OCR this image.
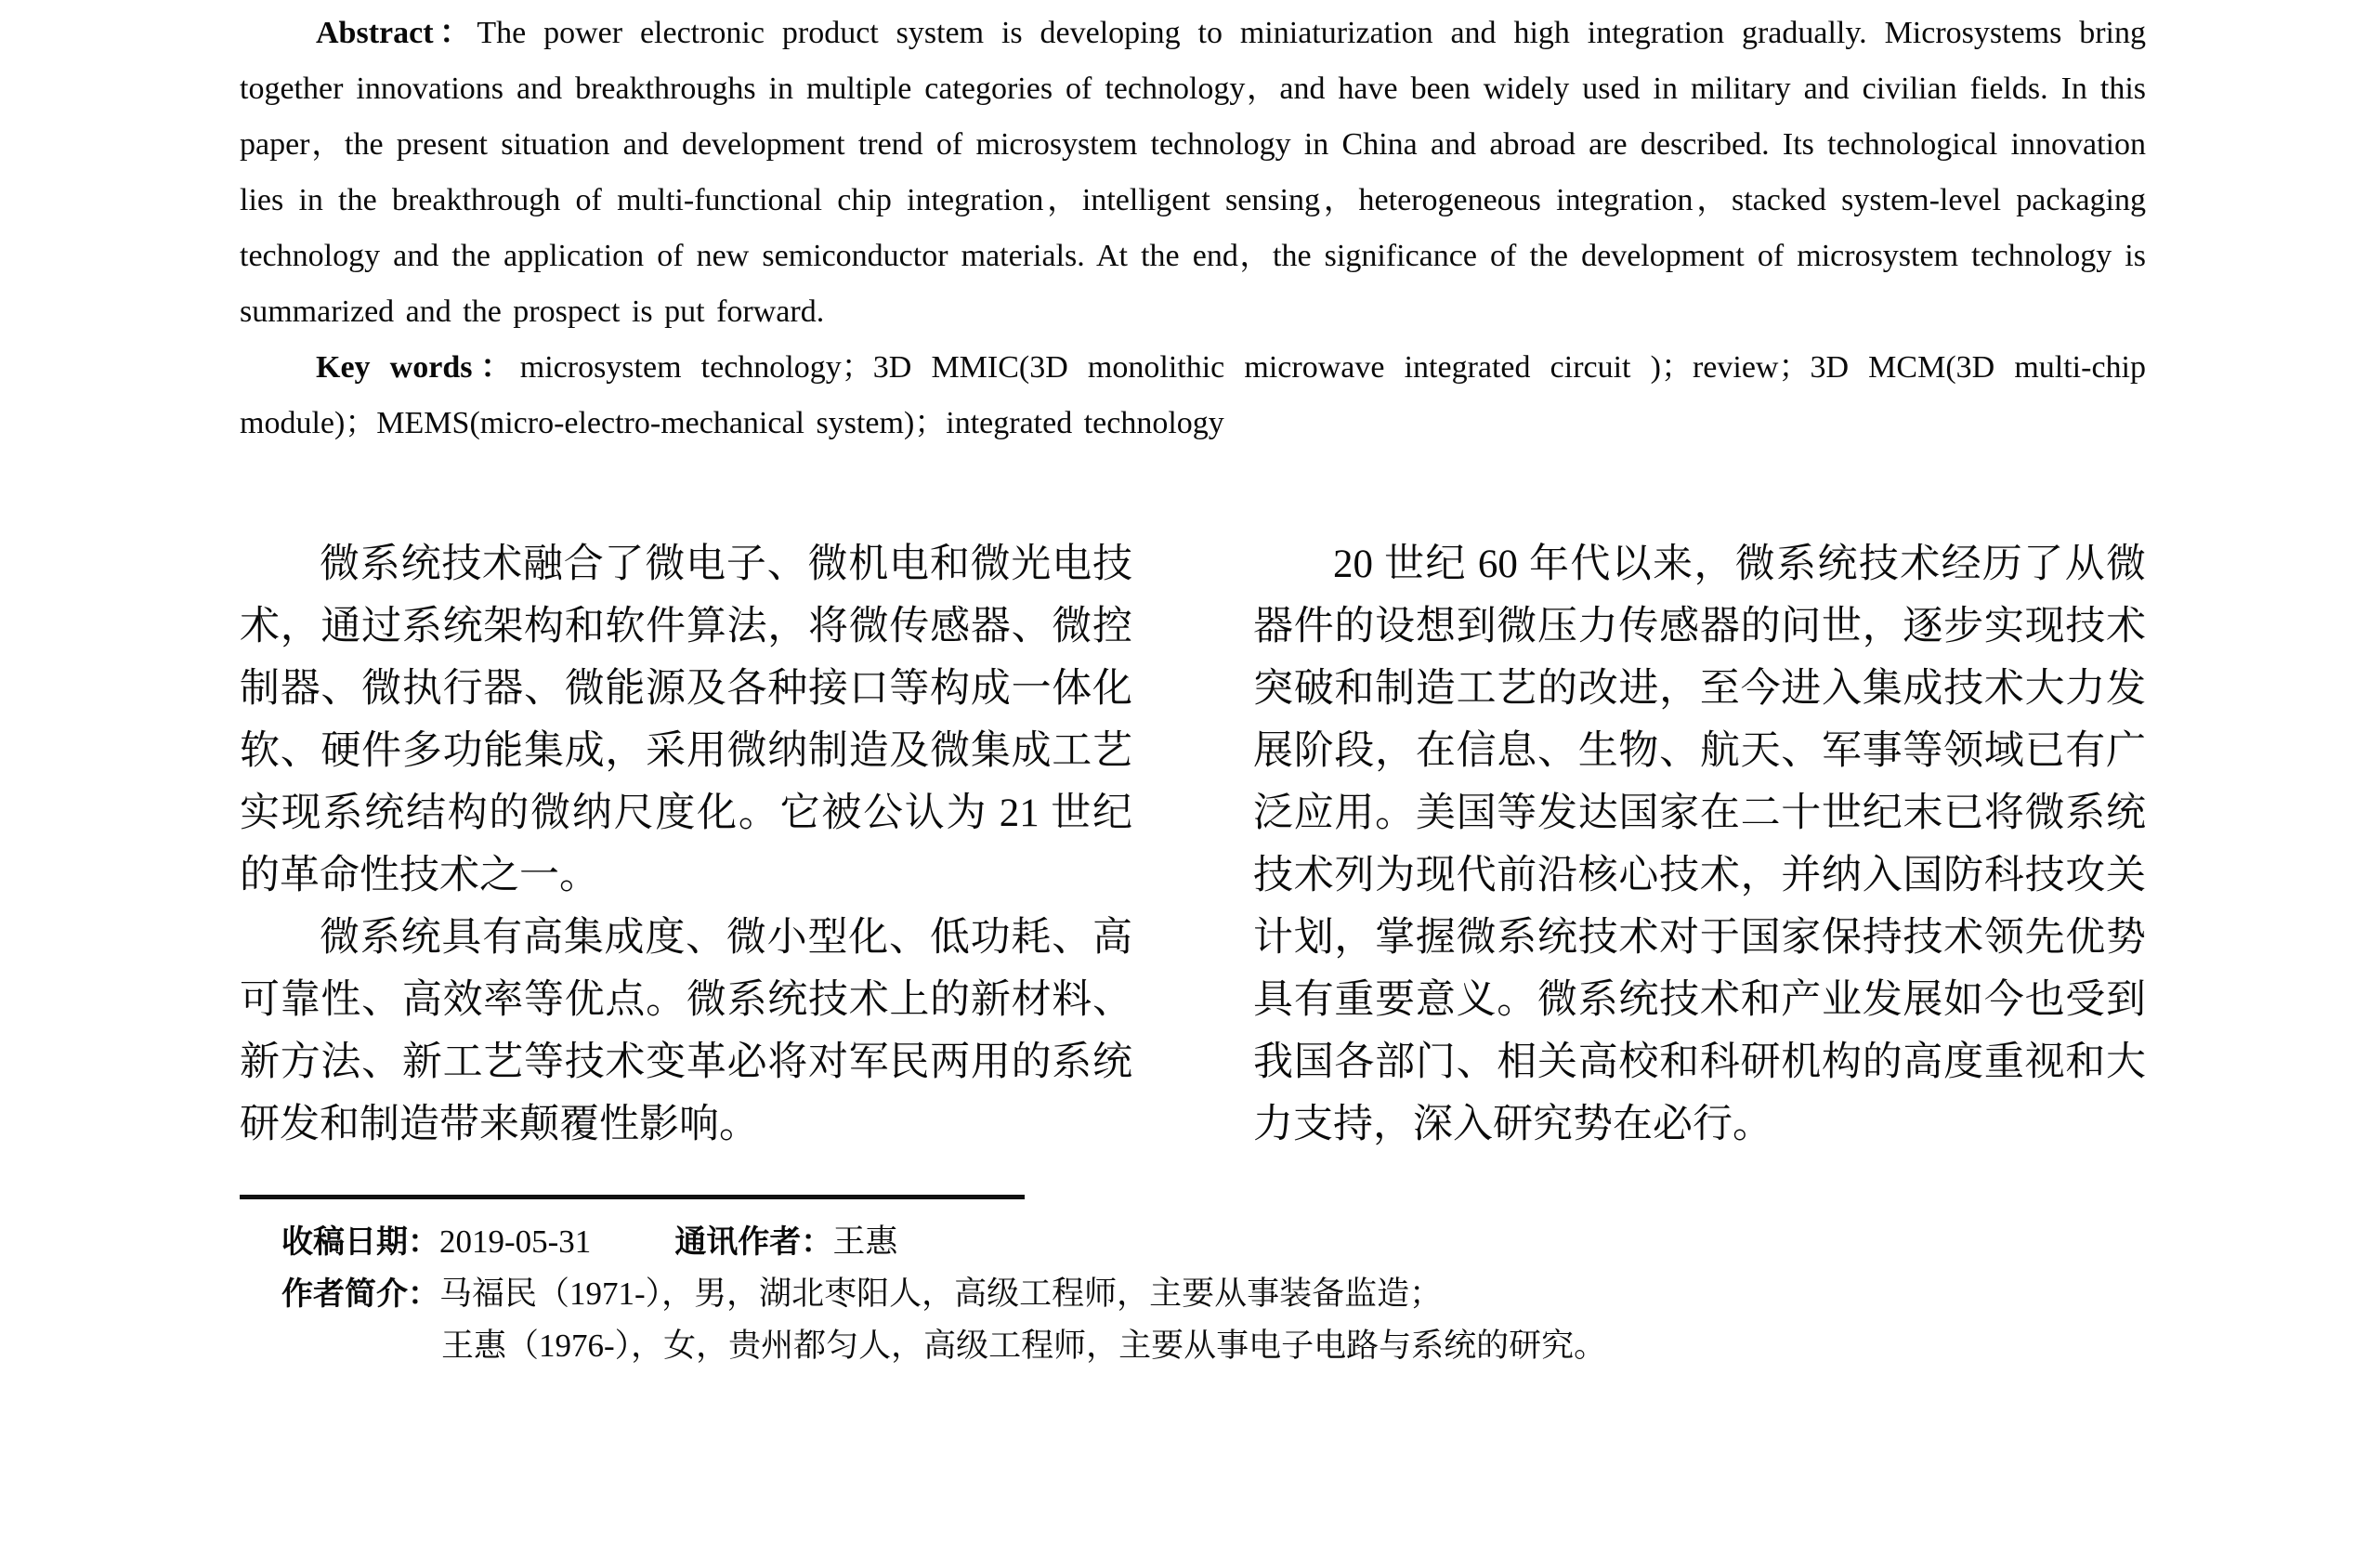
Abstract：The power electronic product system is developing to miniaturization and high integration gradually. Microsystems bring together innovations and breakthroughs in multiple categories of technology，and have been widely used in military and civilian fields. In this paper，the present situation and development trend of microsystem technology in China and abroad are described. Its technological innovation lies in the breakthrough of multi-functional chip integration，intelligent sensing，heterogeneous integration，stacked system-level packaging technology and the application of new semiconductor materials. At the end，the significance of the development of microsystem technology is summarized and the prospect is put forward.

Key words：microsystem technology；3D MMIC(3D monolithic microwave integrated circuit )；review；3D MCM(3D multi-chip module)；MEMS(micro-electro-mechanical system)；integrated technology

微系统技术融合了微电子、微机电和微光电技术，通过系统架构和软件算法，将微传感器、微控制器、微执行器、微能源及各种接口等构成一体化软、硬件多功能集成，采用微纳制造及微集成工艺实现系统结构的微纳尺度化。它被公认为 21 世纪的革命性技术之一。

微系统具有高集成度、微小型化、低功耗、高可靠性、高效率等优点。微系统技术上的新材料、新方法、新工艺等技术变革必将对军民两用的系统研发和制造带来颠覆性影响。

20 世纪 60 年代以来，微系统技术经历了从微器件的设想到微压力传感器的问世，逐步实现技术突破和制造工艺的改进，至今进入集成技术大力发展阶段，在信息、生物、航天、军事等领域已有广泛应用。美国等发达国家在二十世纪末已将微系统技术列为现代前沿核心技术，并纳入国防科技攻关计划，掌握微系统技术对于国家保持技术领先优势具有重要意义。微系统技术和产业发展如今也受到我国各部门、相关高校和科研机构的高度重视和大力支持，深入研究势在必行。

收稿日期：2019-05-31	通讯作者：王惠

作者简介：马福民（1971-），男，湖北枣阳人，高级工程师，主要从事装备监造；

王惠（1976-），女，贵州都匀人，高级工程师，主要从事电子电路与系统的研究。
